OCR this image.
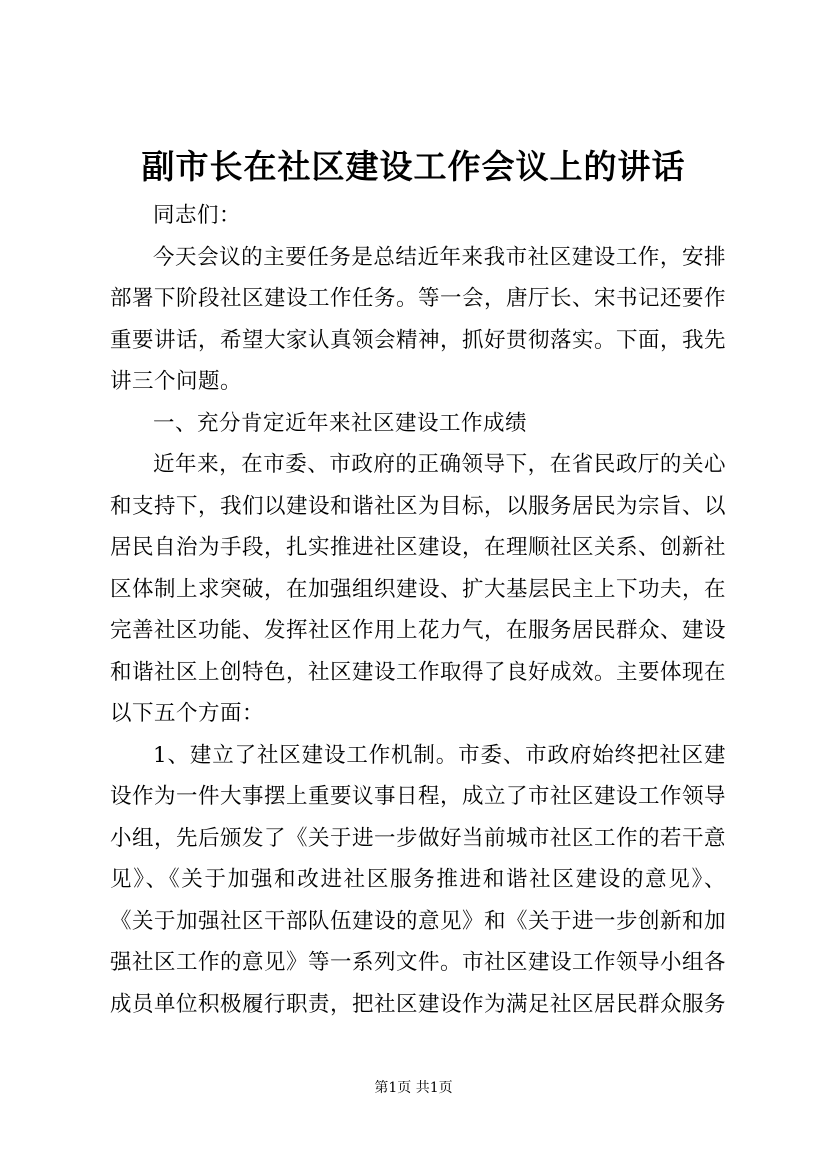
副市长在社区建设工作会议上的讲话

同志们：

今天会议的主要任务是总结近年来我市社区建设工作，安排部署下阶段社区建设工作任务。等一会，唐厅长、宋书记还要作重要讲话，希望大家认真领会精神，抓好贯彻落实。下面，我先讲三个问题。

一、充分肯定近年来社区建设工作成绩

近年来，在市委、市政府的正确领导下，在省民政厅的关心和支持下，我们以建设和谐社区为目标，以服务居民为宗旨、以居民自治为手段，扎实推进社区建设，在理顺社区关系、创新社区体制上求突破，在加强组织建设、扩大基层民主上下功夫，在完善社区功能、发挥社区作用上花力气，在服务居民群众、建设和谐社区上创特色，社区建设工作取得了良好成效。主要体现在以下五个方面：

1、建立了社区建设工作机制。市委、市政府始终把社区建设作为一件大事摆上重要议事日程，成立了市社区建设工作领导小组，先后颁发了《关于进一步做好当前城市社区工作的若干意见》、《关于加强和改进社区服务推进和谐社区建设的意见》、《关于加强社区干部队伍建设的意见》和《关于进一步创新和加强社区工作的意见》等一系列文件。市社区建设工作领导小组各成员单位积极履行职责，把社区建设作为满足社区居民群众服务

第1页 共1页
